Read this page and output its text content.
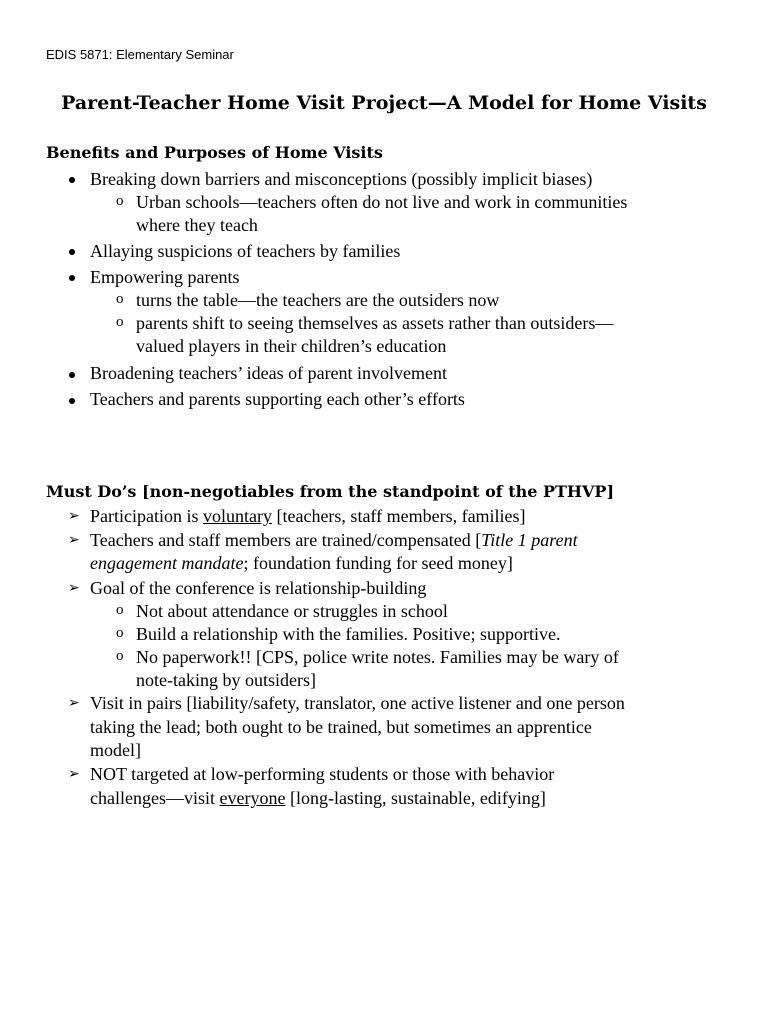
EDIS 5871: Elementary Seminar
Parent-Teacher Home Visit Project—A Model for Home Visits
Benefits and Purposes of Home Visits
Breaking down barriers and misconceptions (possibly implicit biases)
o Urban schools—teachers often do not live and work in communities
where they teach
Allaying suspicions of teachers by families
Empowering parents
o turns the table—the teachers are the outsiders now
o parents shift to seeing themselves as assets rather than outsiders—
valued players in their children’s education
Broadening teachers’ ideas of parent involvement
Teachers and parents supporting each other’s efforts
Must Do’s [non-negotiables from the standpoint of the PTHVP]
➢ Participation is voluntary [teachers, staff members, families]
➢ Teachers and staff members are trained/compensated [Title 1 parent
engagement mandate; foundation funding for seed money]
➢ Goal of the conference is relationship-building
o Not about attendance or struggles in school
o Build a relationship with the families. Positive; supportive.
o No paperwork!! [CPS, police write notes. Families may be wary of
note-taking by outsiders]
➢ Visit in pairs [liability/safety, translator, one active listener and one person
taking the lead; both ought to be trained, but sometimes an apprentice
model]
➢ NOT targeted at low-performing students or those with behavior
challenges—visit everyone [long-lasting, sustainable, edifying]
